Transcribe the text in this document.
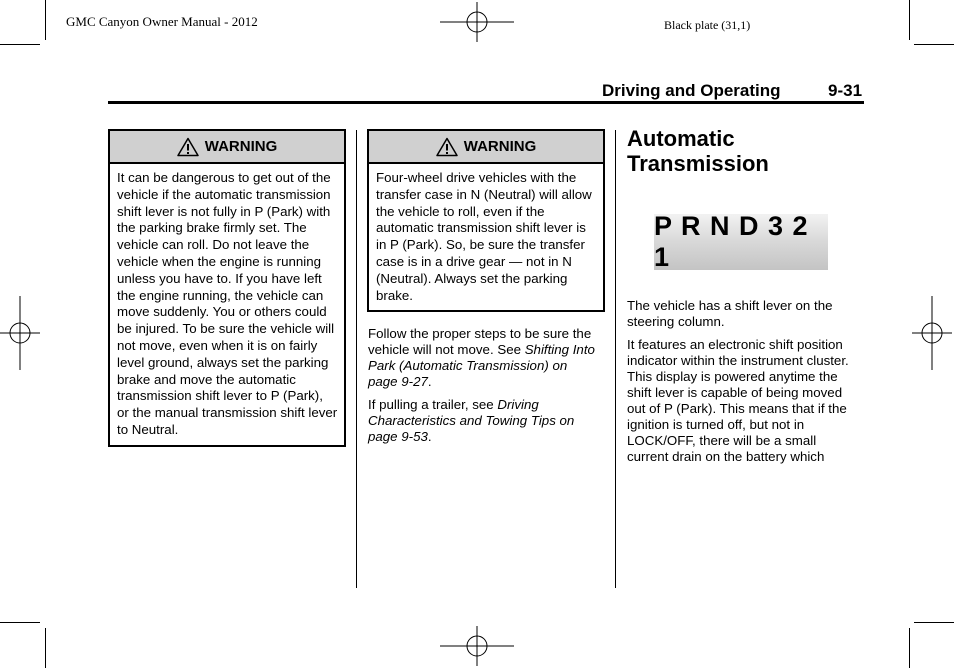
GMC Canyon Owner Manual - 2012	Black plate (31,1)
Driving and Operating	9-31
WARNING
It can be dangerous to get out of the vehicle if the automatic transmission shift lever is not fully in P (Park) with the parking brake firmly set. The vehicle can roll. Do not leave the vehicle when the engine is running unless you have to. If you have left the engine running, the vehicle can move suddenly. You or others could be injured. To be sure the vehicle will not move, even when it is on fairly level ground, always set the parking brake and move the automatic transmission shift lever to P (Park), or the manual transmission shift lever to Neutral.
WARNING
Four-wheel drive vehicles with the transfer case in N (Neutral) will allow the vehicle to roll, even if the automatic transmission shift lever is in P (Park). So, be sure the transfer case is in a drive gear — not in N (Neutral). Always set the parking brake.
Follow the proper steps to be sure the vehicle will not move. See Shifting Into Park (Automatic Transmission) on page 9-27.
If pulling a trailer, see Driving Characteristics and Towing Tips on page 9-53.
Automatic Transmission
P R N D 3 2 1
The vehicle has a shift lever on the steering column.
It features an electronic shift position indicator within the instrument cluster. This display is powered anytime the shift lever is capable of being moved out of P (Park). This means that if the ignition is turned off, but not in LOCK/OFF, there will be a small current drain on the battery which
